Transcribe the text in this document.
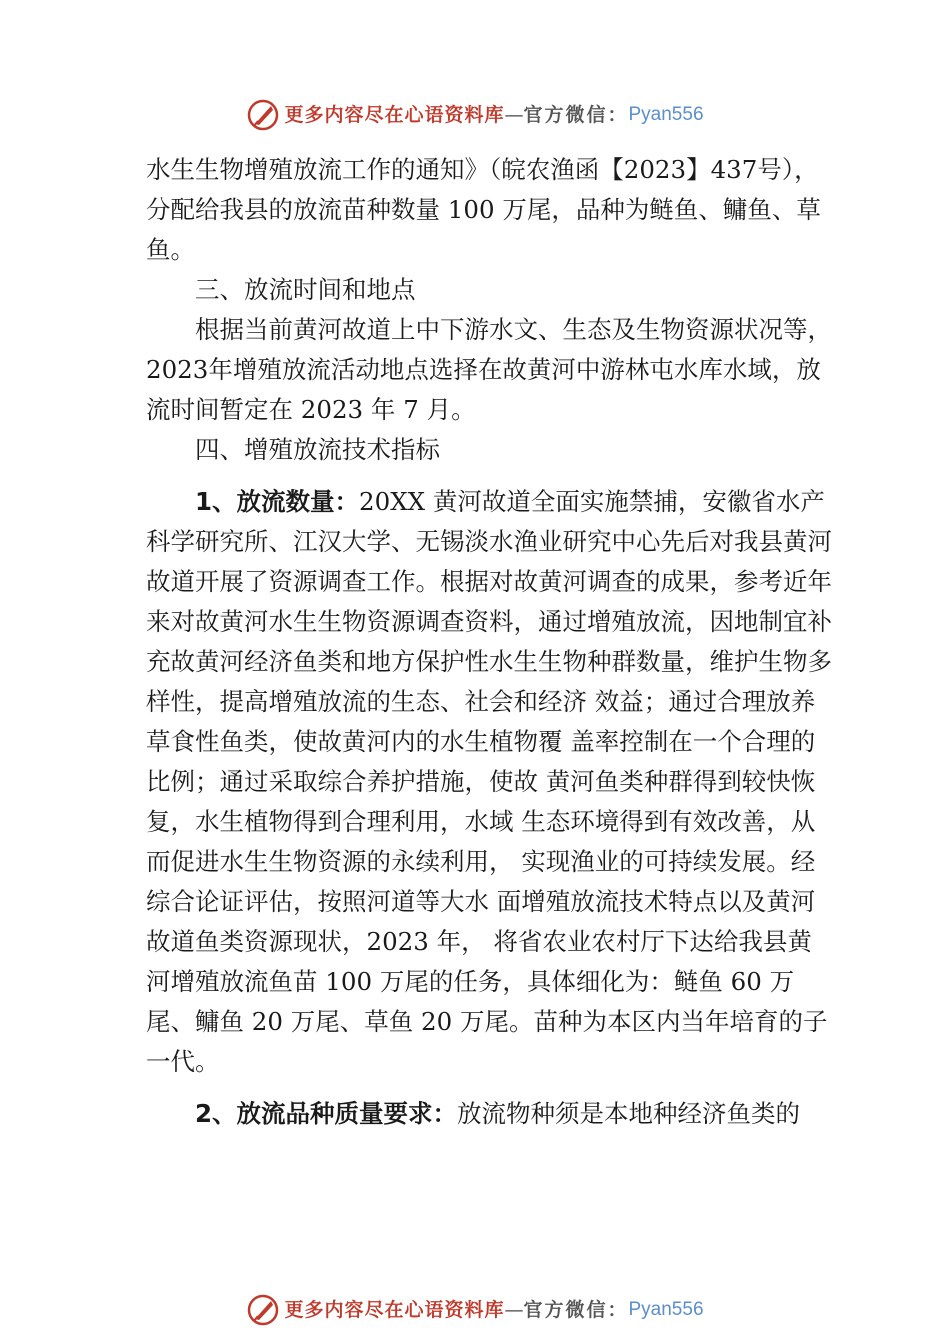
更多内容尽在心语资料库—官方微信：Pyan556

水生生物增殖放流工作的通知》（皖农渔函【2023】437号），分配给我县的放流苗种数量 100 万尾，品种为鲢鱼、鳙鱼、草鱼。

三、放流时间和地点

根据当前黄河故道上中下游水文、生态及生物资源状况等，2023年增殖放流活动地点选择在故黄河中游林屯水库水域，放流时间暂定在 2023 年 7 月。

四、增殖放流技术指标

1、放流数量：20XX 黄河故道全面实施禁捕，安徽省水产科学研究所、江汉大学、无锡淡水渔业研究中心先后对我县黄河故道开展了资源调查工作。根据对故黄河调查的成果，参考近年来对故黄河水生生物资源调查资料，通过增殖放流，因地制宜补充故黄河经济鱼类和地方保护性水生生物种群数量，维护生物多样性，提高增殖放流的生态、社会和经济 效益；通过合理放养草食性鱼类，使故黄河内的水生植物覆 盖率控制在一个合理的比例；通过采取综合养护措施，使故 黄河鱼类种群得到较快恢复，水生植物得到合理利用，水域 生态环境得到有效改善，从而促进水生生物资源的永续利用， 实现渔业的可持续发展。经综合论证评估，按照河道等大水 面增殖放流技术特点以及黄河故道鱼类资源现状，2023 年， 将省农业农村厅下达给我县黄河增殖放流鱼苗 100 万尾的任务，具体细化为：鲢鱼 60 万尾、鳙鱼 20 万尾、草鱼 20 万尾。苗种为本区内当年培育的子一代。

2、放流品种质量要求：放流物种须是本地种经济鱼类的

更多内容尽在心语资料库—官方微信：Pyan556
